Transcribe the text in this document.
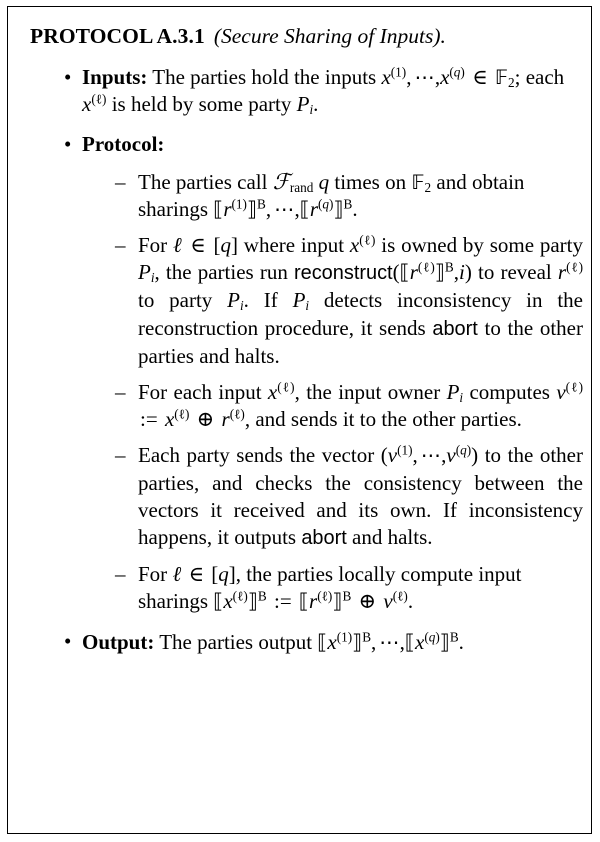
PROTOCOL A.3.1 (Secure Sharing of Inputs).
• Inputs: The parties hold the inputs $x^{(1)}$, $\cdots,x^{(q)}$ ∈ 𝔽$_2$; each $x^{(\ell)}$ is held by some party $P_i$.
• Protocol:
– The parties call ℱ$_{rand}$ q times on 𝔽$_2$ and obtain sharings $⟦r^{(1)}⟧^B$, $\cdots,⟦r^{(q)}⟧^B$.
– For ℓ ∈ [q] where input $x^{(\ell)}$ is owned by some party $P_i$, the parties run $reconstruct(⟦r^{(\ell)}⟧^B,i)$ to reveal $r^{(\ell)}$ to party $P_i$. If $P_i$ detects inconsistency in the reconstruction procedure, it sends abort to the other parties and halts.
– For each input $x^{(\ell)}$, the input owner $P_i$ computes $v^{(\ell)}$ := $x^{(\ell)}$ ⊕ $r^{(\ell)}$, and sends it to the other parties.
– Each party sends the vector ($v^{(1)}$, $\cdots,v^{(q)}$) to the other parties, and checks the consistency between the vectors it received and its own. If inconsistency happens, it outputs abort and halts.
– For ℓ ∈ [q], the parties locally compute input sharings $⟦x^{(\ell)}⟧^B$ := $⟦r^{(\ell)}⟧^B$ ⊕ $v^{(\ell)}$.
• Output: The parties output $⟦x^{(1)}⟧^B$, $\cdots,⟦x^{(q)}⟧^B$.
